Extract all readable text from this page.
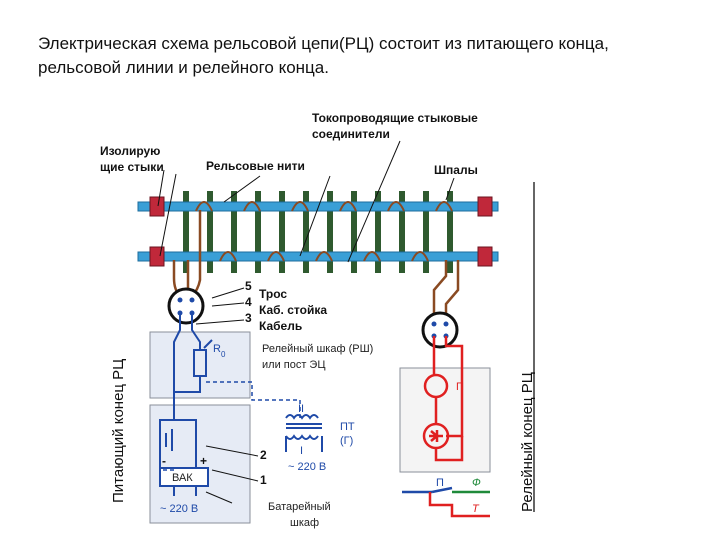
Электрическая схема рельсовой цепи(РЦ) состоит из питающего конца,
рельсовой линии и релейного конца.

Изолирую
щие стыки	Рельсовые нити
Токопроводящие стыковые
соединители
Шпалы
5
4
3
Трос
Каб. стойка
Кабель
Релейный шкаф (РШ)
или пост ЭЦ
$R_0$
II
I
ПТ
(Г)
~ 220 В
-	+
ВАК
~ 220 В
2
1
Батарейный
шкаф
П
П	Ф
Т
Питающий конец РЦ	Релейный конец РЦ
